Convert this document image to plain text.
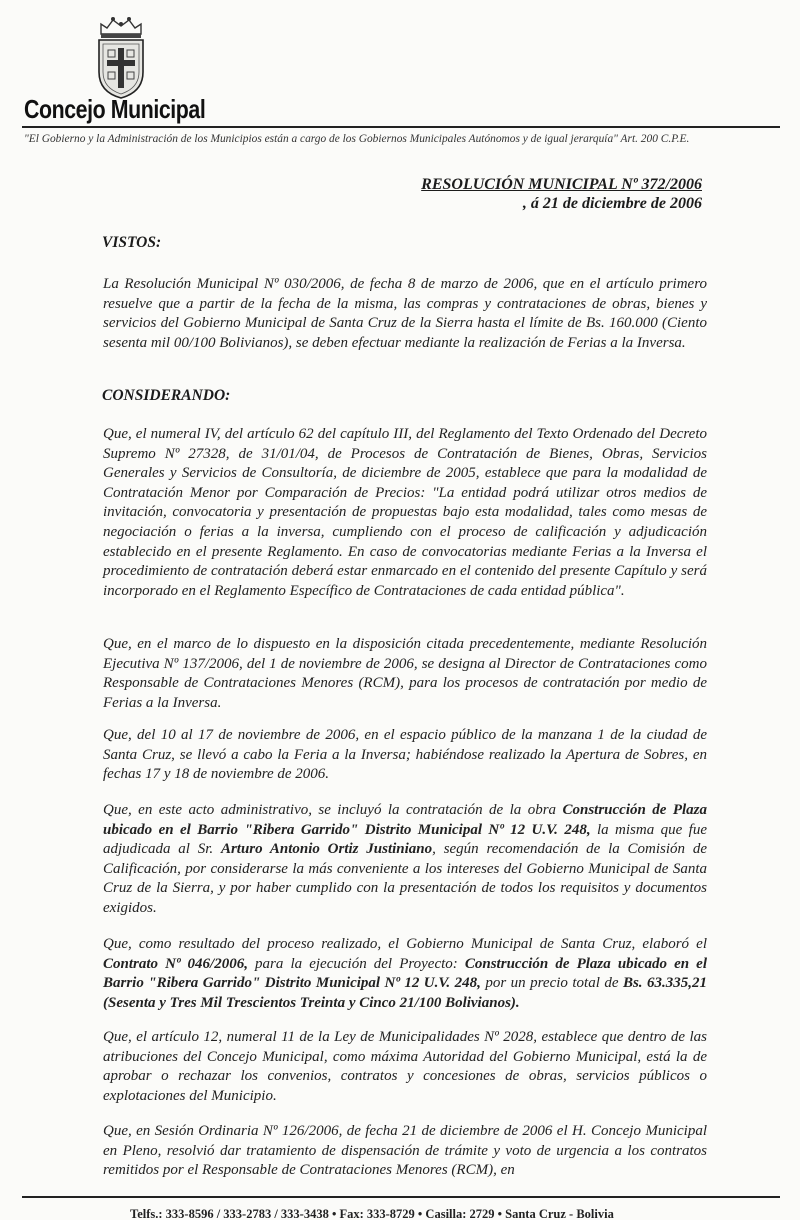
Concejo Municipal
"El Gobierno y la Administración de los Municipios están a cargo de los Gobiernos Municipales Autónomos y de igual jerarquía" Art. 200 C.P.E.
RESOLUCIÓN MUNICIPAL Nº 372/2006
, á 21 de diciembre de 2006
VISTOS:
La Resolución Municipal Nº 030/2006, de fecha 8 de marzo de 2006, que en el artículo primero resuelve que a partir de la fecha de la misma, las compras y contrataciones de obras, bienes y servicios del Gobierno Municipal de Santa Cruz de la Sierra hasta el límite de Bs. 160.000 (Ciento sesenta mil 00/100 Bolivianos), se deben efectuar mediante la realización de Ferias a la Inversa.
CONSIDERANDO:
Que, el numeral IV, del artículo 62 del capítulo III, del Reglamento del Texto Ordenado del Decreto Supremo Nº 27328, de 31/01/04, de Procesos de Contratación de Bienes, Obras, Servicios Generales y Servicios de Consultoría, de diciembre de 2005, establece que para la modalidad de Contratación Menor por Comparación de Precios: "La entidad podrá utilizar otros medios de invitación, convocatoria y presentación de propuestas bajo esta modalidad, tales como mesas de negociación o ferias a la inversa, cumpliendo con el proceso de calificación y adjudicación establecido en el presente Reglamento. En caso de convocatorias mediante Ferias a la Inversa el procedimiento de contratación deberá estar enmarcado en el contenido del presente Capítulo y será incorporado en el Reglamento Específico de Contrataciones de cada entidad pública".
Que, en el marco de lo dispuesto en la disposición citada precedentemente, mediante Resolución Ejecutiva Nº 137/2006, del 1 de noviembre de 2006, se designa al Director de Contrataciones como Responsable de Contrataciones Menores (RCM), para los procesos de contratación por medio de Ferias a la Inversa.
Que, del 10 al 17 de noviembre de 2006, en el espacio público de la manzana 1 de la ciudad de Santa Cruz, se llevó a cabo la Feria a la Inversa; habiéndose realizado la Apertura de Sobres, en fechas 17 y 18 de noviembre de 2006.
Que, en este acto administrativo, se incluyó la contratación de la obra Construcción de Plaza ubicado en el Barrio "Ribera Garrido" Distrito Municipal Nº 12 U.V. 248, la misma que fue adjudicada al Sr. Arturo Antonio Ortiz Justiniano, según recomendación de la Comisión de Calificación, por considerarse la más conveniente a los intereses del Gobierno Municipal de Santa Cruz de la Sierra, y por haber cumplido con la presentación de todos los requisitos y documentos exigidos.
Que, como resultado del proceso realizado, el Gobierno Municipal de Santa Cruz, elaboró el Contrato Nº 046/2006, para la ejecución del Proyecto: Construcción de Plaza ubicado en el Barrio "Ribera Garrido" Distrito Municipal Nº 12 U.V. 248, por un precio total de Bs. 63.335,21 (Sesenta y Tres Mil Trescientos Treinta y Cinco 21/100 Bolivianos).
Que, el artículo 12, numeral 11 de la Ley de Municipalidades Nº 2028, establece que dentro de las atribuciones del Concejo Municipal, como máxima Autoridad del Gobierno Municipal, está la de aprobar o rechazar los convenios, contratos y concesiones de obras, servicios públicos o explotaciones del Municipio.
Que, en Sesión Ordinaria Nº 126/2006, de fecha 21 de diciembre de 2006 el H. Concejo Municipal en Pleno, resolvió dar tratamiento de dispensación de trámite y voto de urgencia a los contratos remitidos por el Responsable de Contrataciones Menores (RCM), en
Telfs.: 333-8596 / 333-2783 / 333-3438 • Fax: 333-8729 • Casilla: 2729 • Santa Cruz - Bolivia
